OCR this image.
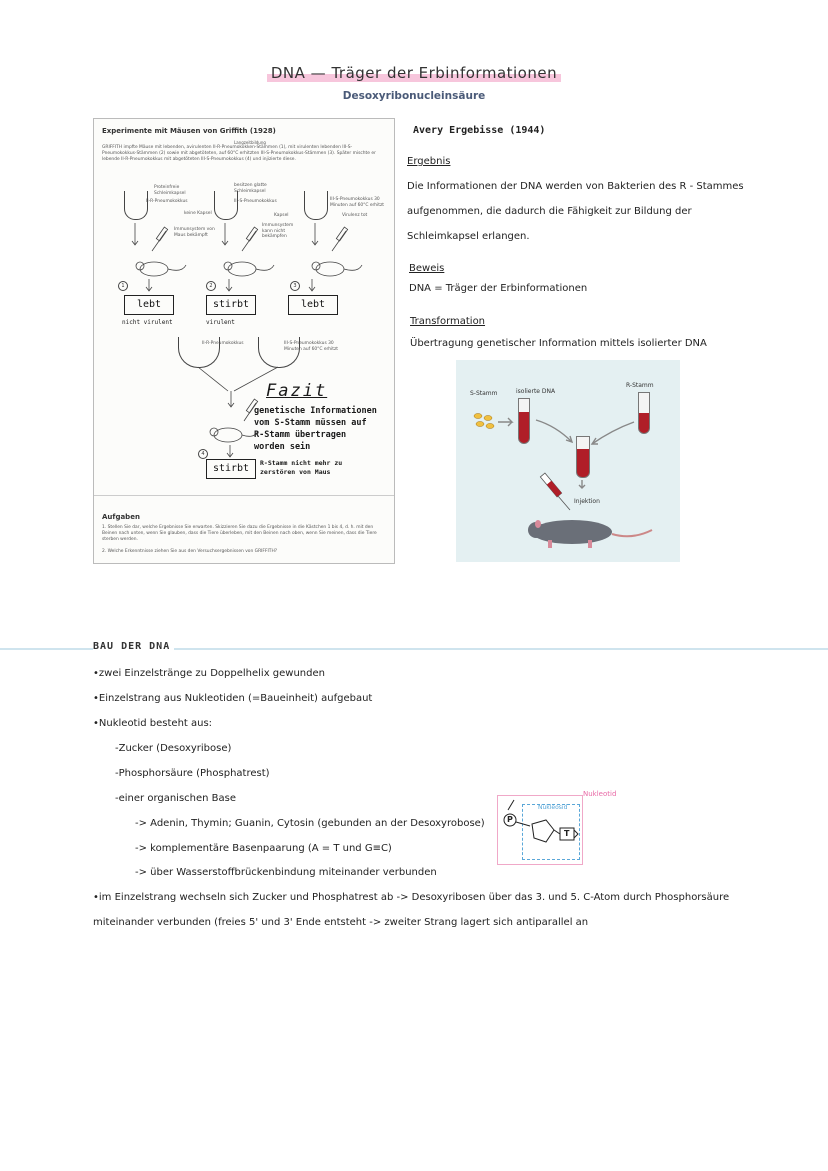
DNA — Träger der Erbinformationen
Desoxyribonucleinsäure
Experimente mit Mäusen von Griffith (1928)
Langzeitbildung
GRIFFITH impfte Mäuse mit lebenden, avirulenten II-R-Pneumokokken-Stämmen (1), mit virulenten lebenden III-S-Pneumokokkus-Stämmen (2) sowie mit abgetöteten, auf 60°C erhitzten III-S-Pneumokokkus-Stämmen (3). Später mischte er lebende II-R-Pneumokokkus mit abgetöteten III-S-Pneumokokkus (4) und injizierte diese.
Proteinfreie Schleimkapsel
II-R-Pneumokokkus
keine Kapsel
Immunsystem von Maus bekämpft
besitzen glatte Schleimkapsel
III-S-Pneumokokkus
Kapsel
Immunsystem kann nicht bekämpfen
III-S-Pneumokokkus 30 Minuten auf 60°C erhitzt
Virulenz tot
1	2	3
lebt	stirbt	lebt
nicht virulent	virulent
II-R-Pneumokokkus	III-S-Pneumokokkus 30 Minuten auf 60°C erhitzt
Fazit
genetische Informationen vom S-Stamm müssen auf R-Stamm übertragen worden sein
4
stirbt	R-Stamm nicht mehr zu zerstören von Maus
Aufgaben
1. Stellen Sie dar, welche Ergebnisse Sie erwarten. Skizzieren Sie dazu die Ergebnisse in die Kästchen 1 bis 4, d. h. mit den Beinen nach unten, wenn Sie glauben, dass die Tiere überleben, mit den Beinen nach oben, wenn Sie meinen, dass die Tiere sterben werden.
2. Welche Erkenntnisse ziehen Sie aus den Versuchsergebnissen von GRIFFITH?
Avery Ergebisse (1944)
Ergebnis
Die Informationen der DNA werden von Bakterien des R - Stammes
aufgenommen, die dadurch die Fähigkeit zur Bildung der
Schleimkapsel erlangen.
Beweis
DNA = Träger der Erbinformationen
Transformation
Übertragung genetischer Information mittels isolierter DNA
S-Stamm	isolierte DNA
R-Stamm
Injektion
BAU DER DNA
•zwei Einzelstränge zu Doppelhelix gewunden
•Einzelstrang aus Nukleotiden (=Baueinheit) aufgebaut
•Nukleotid besteht aus:
-Zucker (Desoxyribose)
-Phosphorsäure (Phosphatrest)
-einer organischen Base
-> Adenin, Thymin; Guanin, Cytosin (gebunden an der Desoxyrobose)
-> komplementäre Basenpaarung (A = T und G≡C)
-> über Wasserstoffbrückenbindung miteinander verbunden
•im Einzelstrang wechseln sich Zucker und Phosphatrest ab -> Desoxyribosen über das 3. und 5. C-Atom durch Phosphorsäure
miteinander verbunden (freies 5' und 3' Ende entsteht -> zweiter Strang lagert sich antiparallel an
Nukleotid
Nukleosid
P
T
